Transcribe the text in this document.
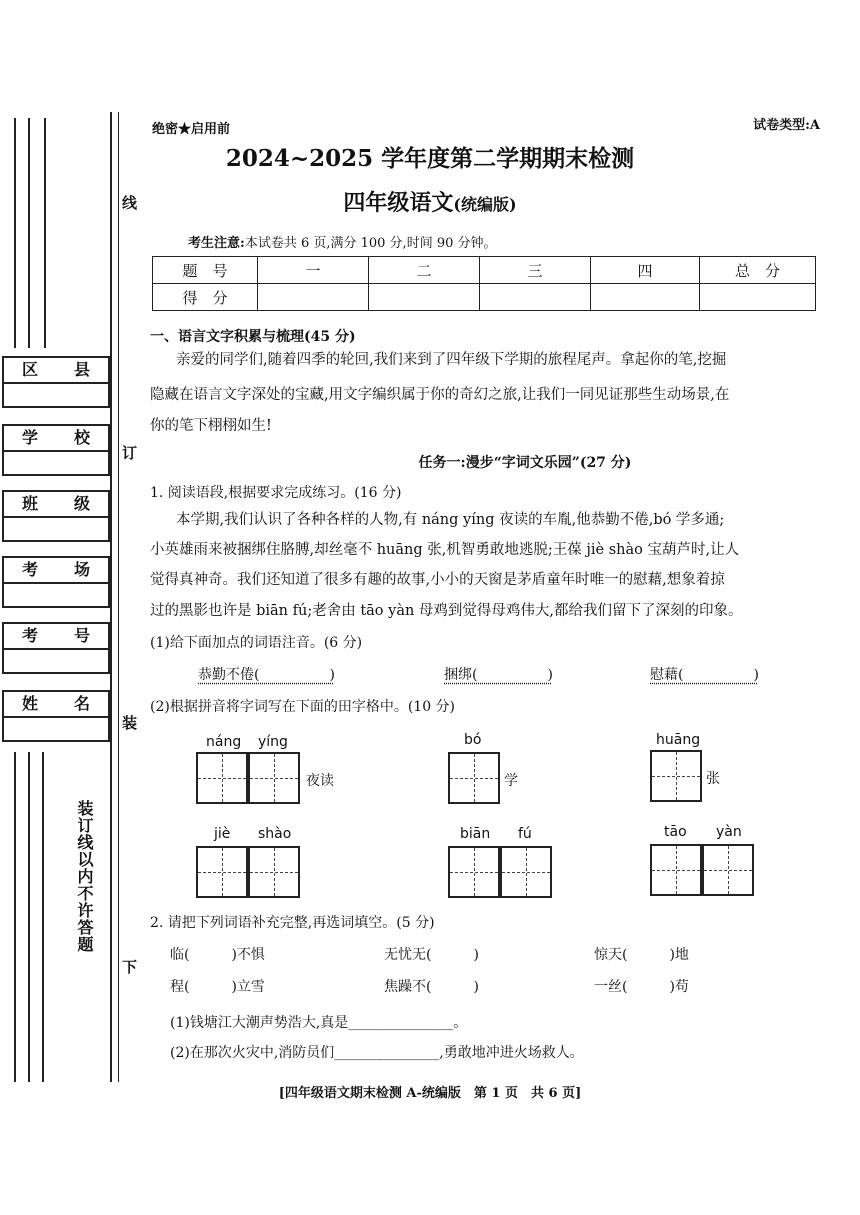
区 县
学 校
班 级
考 场
考 号
姓 名
线
订
装
下
装订线以内不许答题
绝密★启用前	试卷类型:A
2024~2025 学年度第二学期期末检测
四年级语文(统编版)
考生注意:本试卷共 6 页,满分 100 分,时间 90 分钟。
题　号	一	二	三	四	总　分
得　分					
一、语言文字积累与梳理(45 分)
亲爱的同学们,随着四季的轮回,我们来到了四年级下学期的旅程尾声。拿起你的笔,挖掘
隐藏在语言文字深处的宝藏,用文字编织属于你的奇幻之旅,让我们一同见证那些生动场景,在
你的笔下栩栩如生!
任务一:漫步“字词文乐园”(27 分)
1. 阅读语段,根据要求完成练习。(16 分)
本学期,我们认识了各种各样的人物,有 náng yíng 夜读的车胤,他恭勤不倦,bó 学多通;
小英雄雨来被捆绑住胳膊,却丝毫不 huāng 张,机智勇敢地逃脱;王葆 jiè shào 宝葫芦时,让人
觉得真神奇。我们还知道了很多有趣的故事,小小的天窗是茅盾童年时唯一的慰藉,想象着掠
过的黑影也许是 biān fú;老舍由 tāo yàn 母鸡到觉得母鸡伟大,都给我们留下了深刻的印象。
(1)给下面加点的词语注音。(6 分)
恭勤不倦(　　　　　)	捆绑(　　　　　)	慰藉(　　　　　)
(2)根据拼音将字词写在下面的田字格中。(10 分)
náng yíng
夜读
bó
学
huāng
张
jiè shào	biān fú	tāo yàn
2. 请把下列词语补充完整,再选词填空。(5 分)
临(　　　)不惧	无忧无(　　　)	惊天(　　　)地
程(　　　)立雪	焦躁不(　　　)	一丝(　　　)苟
(1)钱塘江大潮声势浩大,真是_______________。
(2)在那次火灾中,消防员们_______________,勇敢地冲进火场救人。
[四年级语文期末检测 A-统编版　第 1 页　共 6 页]
